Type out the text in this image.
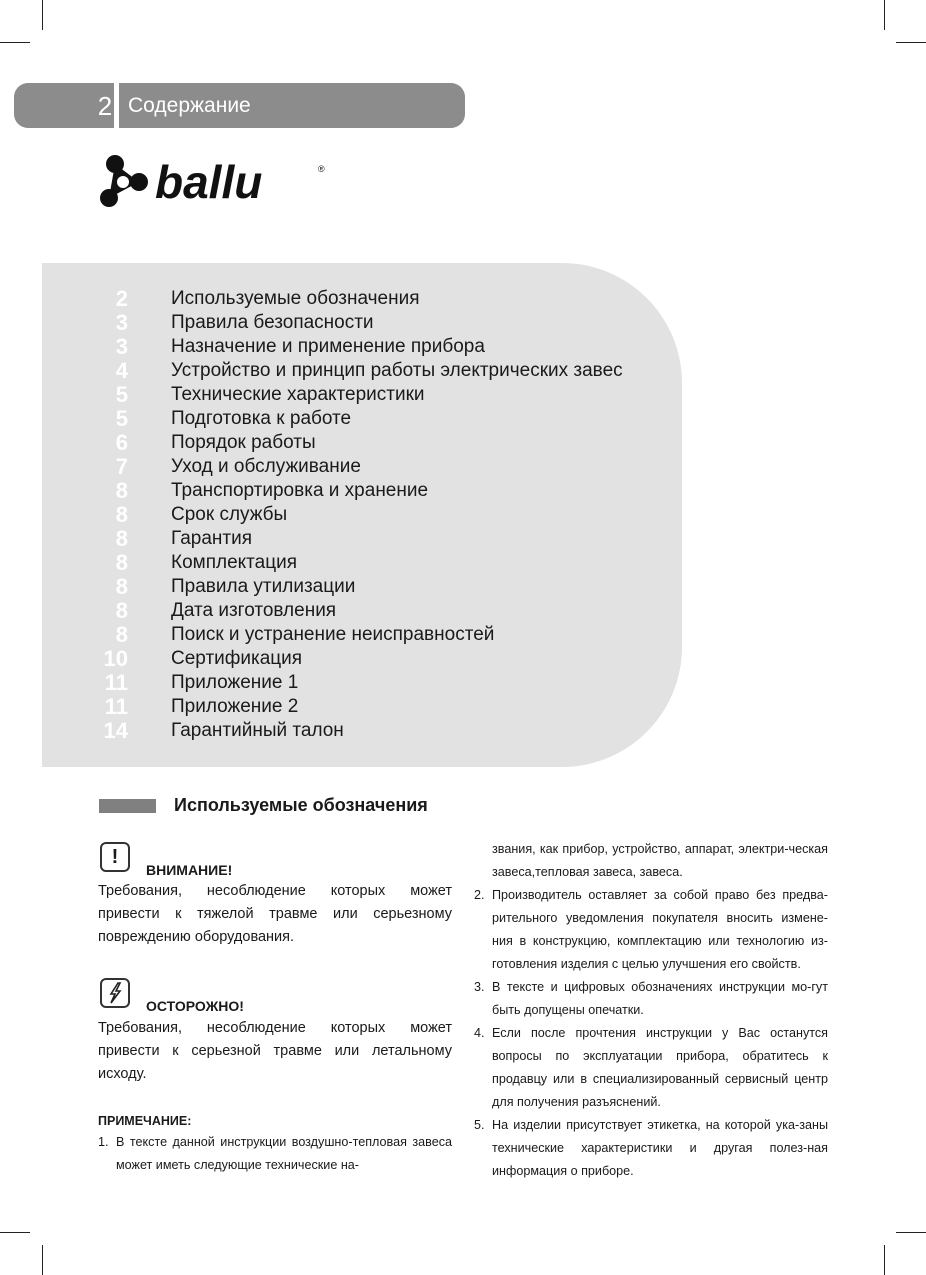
2 Содержание
ballu	®
2 Используемые обозначения
3 Правила безопасности
3 Назначение и применение прибора
4 Устройство и принцип работы электрических завес
5 Технические характеристики
5 Подготовка к работе
6 Порядок работы
7 Уход и обслуживание
8 Транспортировка и хранение
8 Срок службы
8 Гарантия
8 Комплектация
8 Правила утилизации
8 Дата изготовления
8 Поиск и устранение неисправностей
10 Сертификация
11 Приложение 1
11 Приложение 2
14 Гарантийный талон
Используемые обозначения
!
ВНИМАНИЕ!
Требования, несоблюдение которых может привести к тяжелой травме или серьезному повреждению оборудования.
ОСТОРОЖНО!
Требования, несоблюдение которых может привести к серьезной травме или летальному исходу.
ПРИМЕЧАНИЕ:
1. В тексте данной инструкции воздушно-тепловая завеса может иметь следующие технические на-
звания, как прибор, устройство, аппарат, электри-ческая завеса,тепловая завеса, завеса.
2. Производитель оставляет за собой право без предва-рительного уведомления покупателя вносить измене-ния в конструкцию, комплектацию или технологию из-готовления изделия с целью улучшения его свойств.
3. В тексте и цифровых обозначениях инструкции мо-гут быть допущены опечатки.
4. Если после прочтения инструкции у Вас останутся вопросы по эксплуатации прибора, обратитесь к продавцу или в специализированный сервисный центр для получения разъяснений.
5. На изделии присутствует этикетка, на которой ука-заны технические характеристики и другая полез-ная информация о приборе.
